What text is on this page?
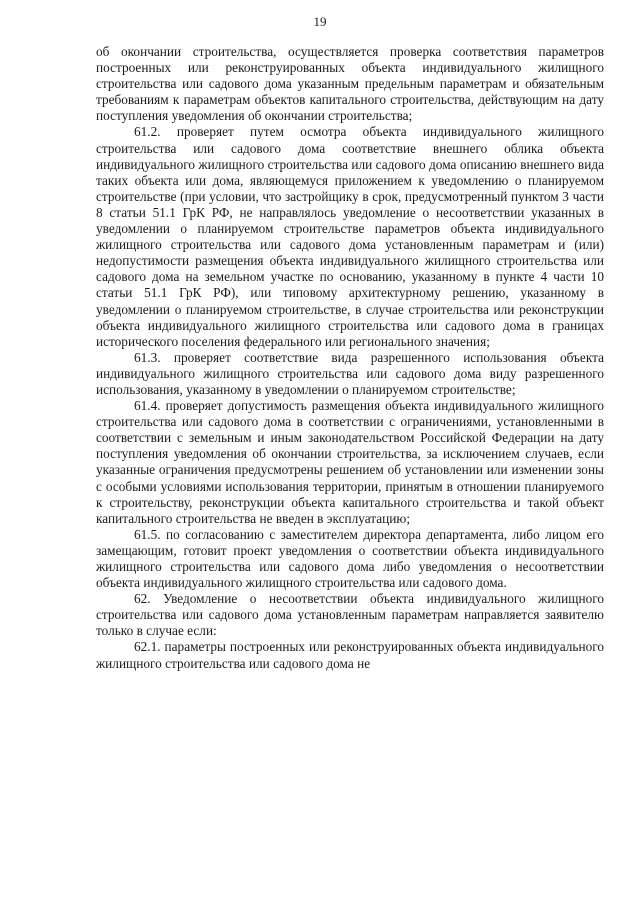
19

об окончании строительства, осуществляется проверка соответствия параметров построенных или реконструированных объекта индивидуального жилищного строительства или садового дома указанным предельным параметрам и обязательным требованиям к параметрам объектов капитального строительства, действующим на дату поступления уведомления об окончании строительства;

61.2. проверяет путем осмотра объекта индивидуального жилищного строительства или садового дома соответствие внешнего облика объекта индивидуального жилищного строительства или садового дома описанию внешнего вида таких объекта или дома, являющемуся приложением к уведомлению о планируемом строительстве (при условии, что застройщику в срок, предусмотренный пунктом 3 части 8 статьи 51.1 ГрК РФ, не направлялось уведомление о несоответствии указанных в уведомлении о планируемом строительстве параметров объекта индивидуального жилищного строительства или садового дома установленным параметрам и (или) недопустимости размещения объекта индивидуального жилищного строительства или садового дома на земельном участке по основанию, указанному в пункте 4 части 10 статьи 51.1 ГрК РФ), или типовому архитектурному решению, указанному в уведомлении о планируемом строительстве, в случае строительства или реконструкции объекта индивидуального жилищного строительства или садового дома в границах исторического поселения федерального или регионального значения;

61.3. проверяет соответствие вида разрешенного использования объекта индивидуального жилищного строительства или садового дома виду разрешенного использования, указанному в уведомлении о планируемом строительстве;

61.4. проверяет допустимость размещения объекта индивидуального жилищного строительства или садового дома в соответствии с ограничениями, установленными в соответствии с земельным и иным законодательством Российской Федерации на дату поступления уведомления об окончании строительства, за исключением случаев, если указанные ограничения предусмотрены решением об установлении или изменении зоны с особыми условиями использования территории, принятым в отношении планируемого к строительству, реконструкции объекта капитального строительства и такой объект капитального строительства не введен в эксплуатацию;

61.5. по согласованию с заместителем директора департамента, либо лицом его замещающим, готовит проект уведомления о соответствии объекта индивидуального жилищного строительства или садового дома либо уведомления о несоответствии объекта индивидуального жилищного строительства или садового дома.

62. Уведомление о несоответствии объекта индивидуального жилищного строительства или садового дома установленным параметрам направляется заявителю только в случае если:

62.1. параметры построенных или реконструированных объекта индивидуального жилищного строительства или садового дома не
